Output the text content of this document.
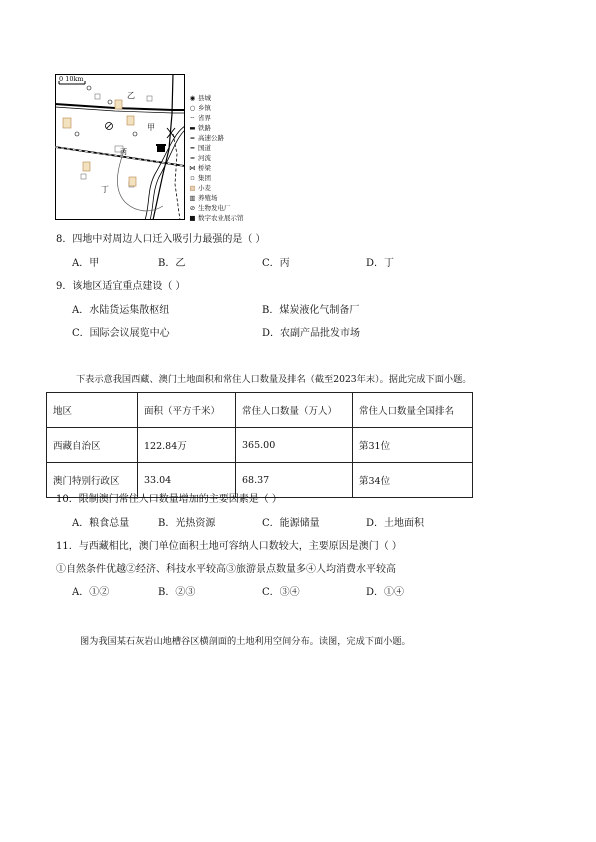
0 10km
乙
甲
丙
丁
◉ 县城
○ 乡镇
╌ 省界
▬ 铁路
═ 高速公路
━ 国道
≈ 河流
⋈ 桥梁
▫ 集团
▧ 小麦
▥ 养殖场
⊘ 生物发电厂
■ 数字农业展示馆
8．四地中对周边人口迁入吸引力最强的是（ ）
A．甲	B．乙	C．丙	D．丁
9．该地区适宜重点建设（ ）
A．水陆货运集散枢纽	B．煤炭液化气制备厂
C．国际会议展览中心	D．农副产品批发市场
下表示意我国西藏、澳门土地面积和常住人口数量及排名（截至2023年末）。据此完成下面小题。
地区	面积（平方千米）	常住人口数量（万人）	常住人口数量全国排名
西藏自治区	122.84万	365.00	第31位
澳门特别行政区	33.04	68.37	第34位
10．限制澳门常住人口数量增加的主要因素是（ ）
A．粮食总量	B．光热资源	C．能源储量	D．土地面积
11．与西藏相比，澳门单位面积土地可容纳人口数较大，主要原因是澳门（ ）
①自然条件优越②经济、科技水平较高③旅游景点数量多④人均消费水平较高
A．①②	B．②③	C．③④	D．①④
图为我国某石灰岩山地槽谷区横剖面的土地利用空间分布。读图，完成下面小题。
